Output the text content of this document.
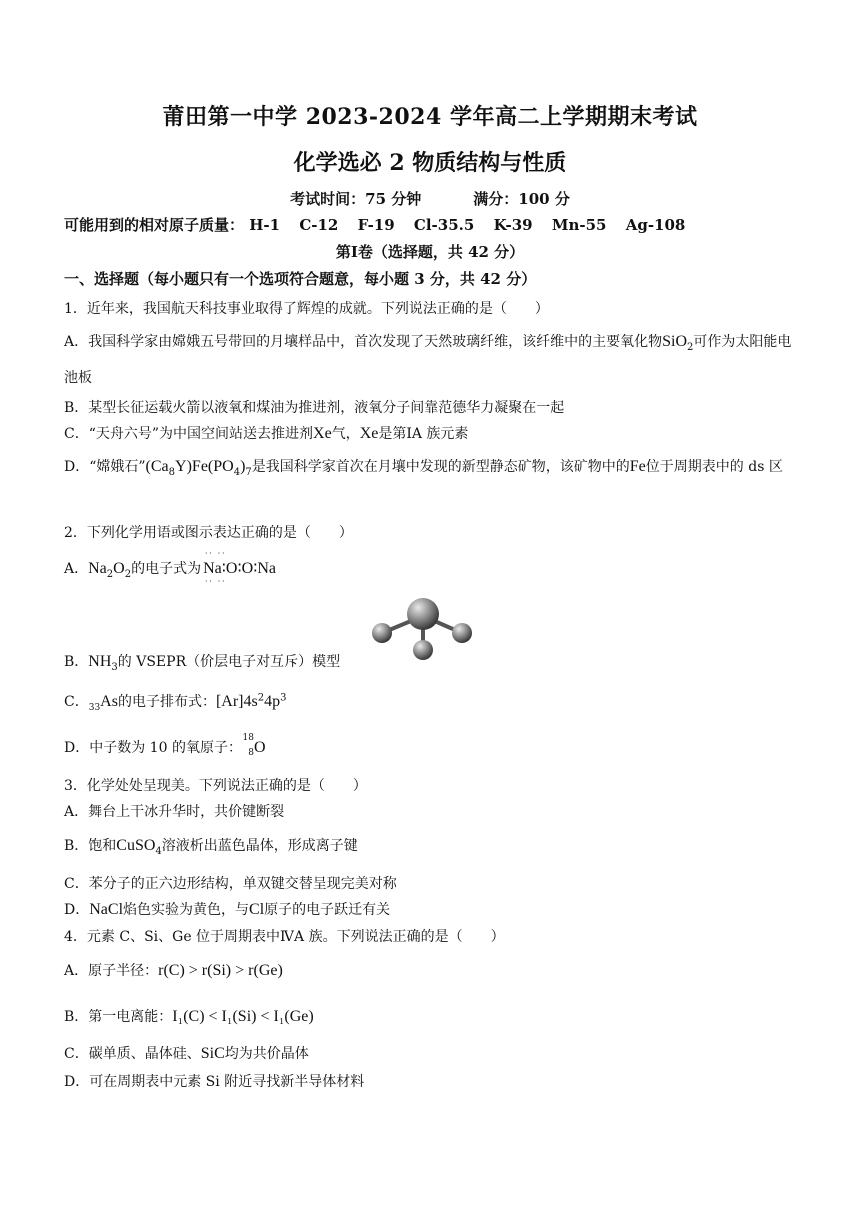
莆田第一中学 2023-2024 学年高二上学期期末考试
化学选必 2 物质结构与性质
考试时间：75 分钟	满分：100 分
可能用到的相对原子质量： H-1 C-12 F-19 Cl-35.5 K-39 Mn-55 Ag-108
第Ⅰ卷（选择题，共 42 分）
一、选择题（每小题只有一个选项符合题意，每小题 3 分，共 42 分）
1．近年来，我国航天科技事业取得了辉煌的成就。下列说法正确的是（　　）
A．我国科学家由嫦娥五号带回的月壤样品中，首次发现了天然玻璃纤维，该纤维中的主要氧化物SiO$_2$可作为太阳能电池板
B．某型长征运载火箭以液氧和煤油为推进剂，液氧分子间靠范德华力凝聚在一起
C．“天舟六号”为中国空间站送去推进剂Xe气，Xe是第ⅠA 族元素
D．“嫦娥石$”(Ca_8Y)Fe(PO_4)_7$是我国科学家首次在月壤中发现的新型静态矿物，该矿物中的Fe位于周期表中的 ds 区
2．下列化学用语或图示表达正确的是（　　）
A．$Na_2O_2$的电子式为
∙∙ ∙∙
Na∶O∶O∶Na
∙∙ ∙∙
B．$NH_3$的 VSEPR（价层电子对互斥）模型
C．$_{33}$As的电子排布式：$[Ar]4s^24p^3$
D．中子数为 10 的氧原子：
18
8 O
3．化学处处呈现美。下列说法正确的是（　　）
A．舞台上干冰升华时，共价键断裂
B．饱和CuSO$_4$溶液析出蓝色晶体，形成离子键
C．苯分子的正六边形结构，单双键交替呈现完美对称
D．NaCl焰色实验为黄色，与Cl原子的电子跃迁有关
4．元素 C、Si、Ge 位于周期表中ⅣA 族。下列说法正确的是（　　）
A．原子半径：r(C) > r(Si) > r(Ge)
B．第一电离能：I₁(C) < I₁(Si) < I₁(Ge)
C．碳单质、晶体硅、SiC均为共价晶体
D．可在周期表中元素 Si 附近寻找新半导体材料
